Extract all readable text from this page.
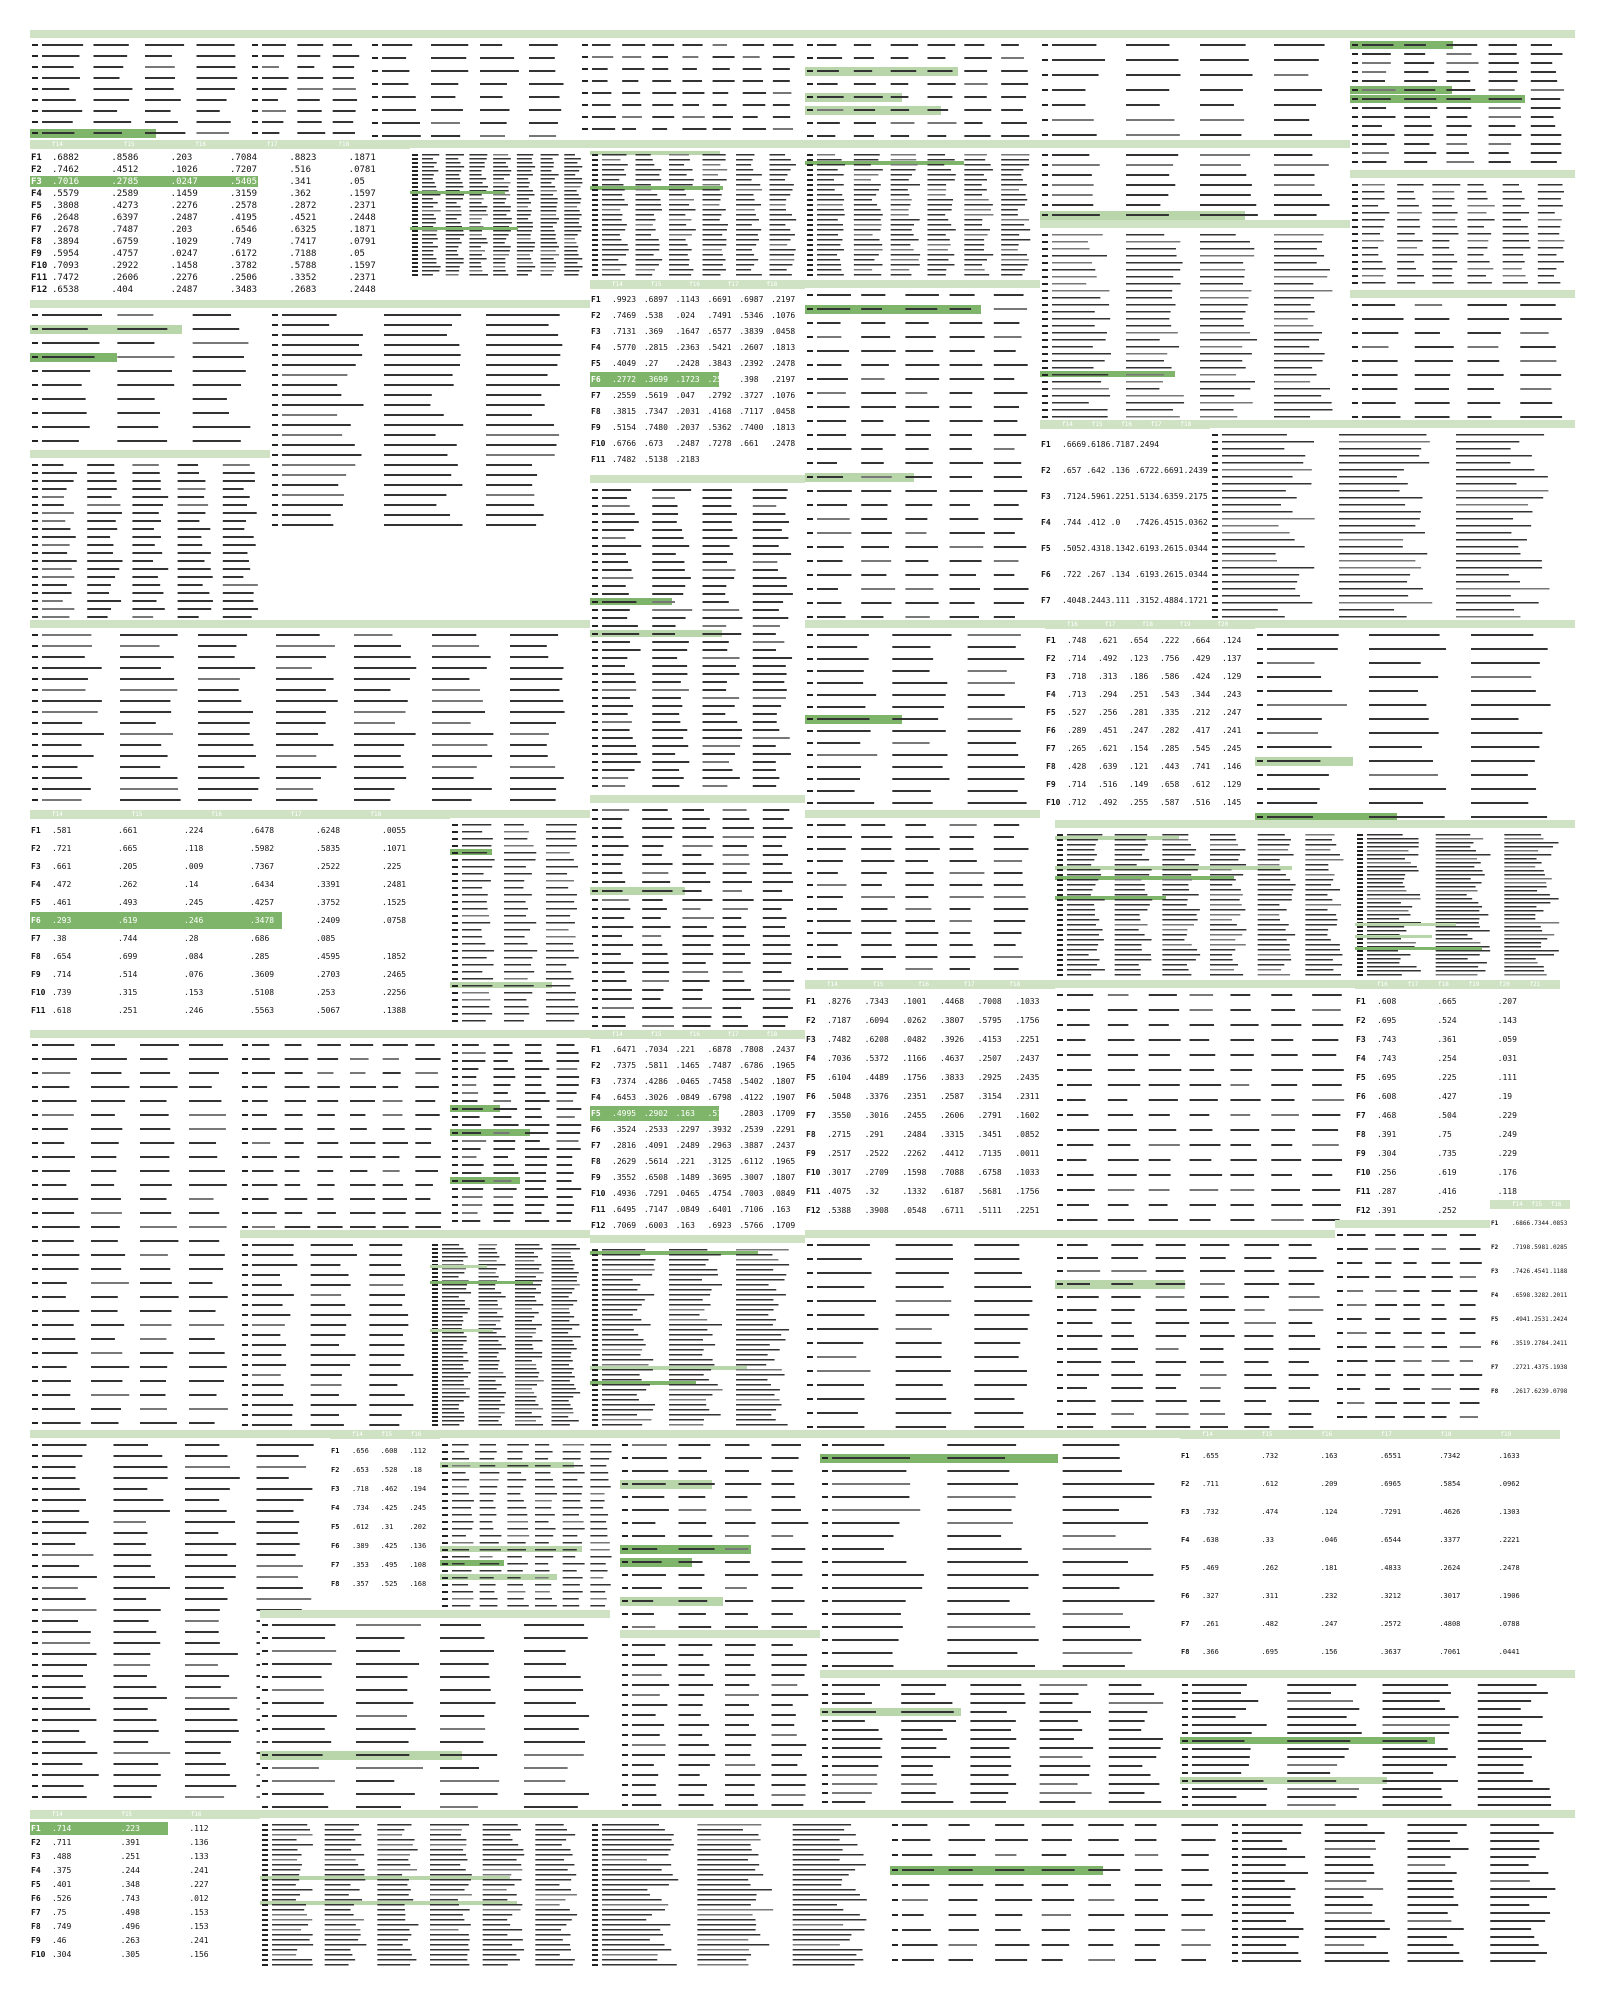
f14	f15	f16	f17	f18
F1 .6882	.8586	.203	.7084	.8823	.1871
F2 .7462	.4512	.1026	.7207	.516	.0781
F3 .7016	.2785	.0247	.5405	.341	.05
F4 .5579	.2589	.1459	.3159	.362	.1597
F5 .3808	.4273	.2276	.2578	.2872	.2371
F6 .2648	.6397	.2487	.4195	.4521	.2448
F7 .2678	.7487	.203	.6546	.6325	.1871
F8 .3894	.6759	.1029	.749	.7417	.0791
F9 .5954	.4757	.0247	.6172	.7188	.05
F10 .7093	.2922	.1458	.3782	.5788	.1597
F11 .7472	.2606	.2276	.2506	.3352	.2371
F12 .6538	.404	.2487	.3483	.2683	.2448
f14	f15	f16	f17	f18
F1 .9923 .6897 .1143 .6691 .6987 .2197
F2 .7469 .538 .024 .7491 .5346 .1076
F3 .7131 .369 .1647 .6577 .3839 .0458
F4 .5770 .2815 .2363 .5421 .2607 .1813
F5 .4049 .27 .2428 .3843 .2392 .2478
F6 .2772 .3699 .1723 .259 .398 .2197
F7 .2559 .5619 .047 .2792 .3727 .1076
F8 .3815 .7347 .2031 .4168 .7117 .0458
F9 .5154 .7480 .2037 .5362 .7400 .1813
F10 .6766 .673 .2487 .7278 .661 .2478
F11 .7482 .5138 .2183
f14	f15	f16	f17	f18
F1 .6471 .7034 .221 .6878 .7808 .2437
F2 .7375 .5811 .1465 .7487 .6786 .1965
F3 .7374 .4286 .0465 .7458 .5402 .1807
F4 .6453 .3026 .0849 .6798 .4122 .1907
F5 .4995 .2902 .163 .5743 .2803 .1709
F6 .3524 .2533 .2297 .3932 .2539 .2291
F7 .2816 .4091 .2489 .2963 .3887 .2437
F8 .2629 .5614 .221 .3125 .6112 .1965
F9 .3552 .6508 .1489 .3695 .3007 .1807
F10 .4936 .7291 .0465 .4754 .7003 .0849
F11 .6495 .7147 .0849 .6401 .7106 .163
F12 .7069 .6003 .163 .6923 .5766 .1709
f14	f15	f16	f17	f18
F1 .8276 .7343 .1001 .4468 .7008 .1033
F2 .7187 .6094 .0262 .3807 .5795 .1756
F3 .7482 .6208 .0482 .3926 .4153 .2251
F4 .7036 .5372 .1166 .4637 .2507 .2437
F5 .6104 .4489 .1756 .3833 .2925 .2435
F6 .5048 .3376 .2351 .2587 .3154 .2311
F7 .3550 .3016 .2455 .2606 .2791 .1602
F8 .2715 .291 .2484 .3315 .3451 .0852
F9 .2517 .2522 .2262 .4412 .7135 .0011
F10 .3017 .2709 .1598 .7088 .6758 .1033
F11 .4075 .32	.1332 .6187 .5681 .1756
F12 .5388 .3908 .0548 .6711 .5111 .2251
f16	f17	f18	f19	f20
F1 .748 .621 .654 .222 .664 .124
F2 .714 .492 .123 .756 .429 .137
F3 .718 .313 .186 .586 .424 .129
F4 .713 .294 .251 .543 .344 .243
F5 .527 .256 .281 .335 .212 .247
F6 .289 .451 .247 .282 .417 .241
F7 .265 .621 .154 .285 .545 .245
F8 .428 .639 .121 .443 .741 .146
F9 .714 .516 .149 .658 .612 .129
F10 .712 .492 .255 .587 .516 .145
f14	f15	f16	f17	f18
F1 .6669 .6186 .7187 .2494
F2 .657 .642 .136 .6722 .6691 .2439
F3 .7124 .5961 .2251 .5134 .6359 .2175
F4 .744 .412 .0 .7426 .4515 .0362
F5 .5052 .4318 .1342 .6193 .2615 .0344
F6 .722 .267 .134 .6193 .2615 .0344
F7 .4048 .2443 .111 .3152 .4884 .1721
f14	f15	f16	f17	f18
F1 .581	.661	.224	.6478	.6248	.0055
F2 .721	.665	.118	.5982	.5835	.1071
F3 .661	.205	.009	.7367	.2522	.225
F4 .472	.262	.14	.6434	.3391	.2481
F5 .461	.493	.245	.4257	.3752	.1525
F6 .293	.619	.246	.3478	.2409	.0758
F7 .38	.744	.28	.686	.085
F8 .654	.699	.084	.285	.4595	.1852
F9 .714	.514	.076	.3609	.2703	.2465
F10 .739	.315	.153	.5108	.253	.2256
F11 .618	.251	.246	.5563	.5067	.1388
f16	f17	f18	f19	f20	f21
F1 .608	.665	.207
F2 .695	.524	.143
F3 .743	.361	.059
F4 .743	.254	.031
F5 .695	.225	.111
F6 .608	.427	.19
F7 .468	.504	.229
F8 .391	.75	.249
F9 .304	.735	.229
F10 .256	.619	.176
F11 .287	.416	.118
F12 .391	.252
f14	f15	f16
F1 .656 .608 .112
F2 .653 .528 .18
F3 .718 .462 .194
F4 .734 .425 .245
F5 .612 .31 .202
F6 .389 .425 .136
F7 .353 .495 .108
F8 .357 .525 .168
f14	f15	f16
F1 .714	.223	.112
F2 .711	.391	.136
F3 .488	.251	.133
F4 .375	.244	.241
F5 .401	.348	.227
F6 .526	.743	.012
F7 .75	.498	.153
F8 .749	.496	.153
F9 .46	.263	.241
F10 .304	.305	.156
f14	f15	f16	f17	f18	f19
F1 .655	.732	.163	.6551	.7342	.1633
F2 .711	.612	.209	.6965	.5854	.0962
F3 .732	.474	.124	.7291	.4626	.1303
F4 .638	.33	.046	.6544	.3377	.2221
F5 .469	.262	.181	.4833	.2624	.2478
F6 .327	.311	.232	.3212	.3017	.1906
F7 .261	.482	.247	.2572	.4808	.0788
F8 .366	.695	.156	.3637	.7061	.0441
f14 f15 f16
F1 .6866 .7344 .0853
F2 .7198 .5981 .0285
F3 .7426 .4541 .1188
F4 .6598 .3282 .2011
F5 .4941 .2531 .2424
F6 .3519 .2784 .2411
F7 .2721 .4375 .1938
F8 .2617 .6239 .0798
